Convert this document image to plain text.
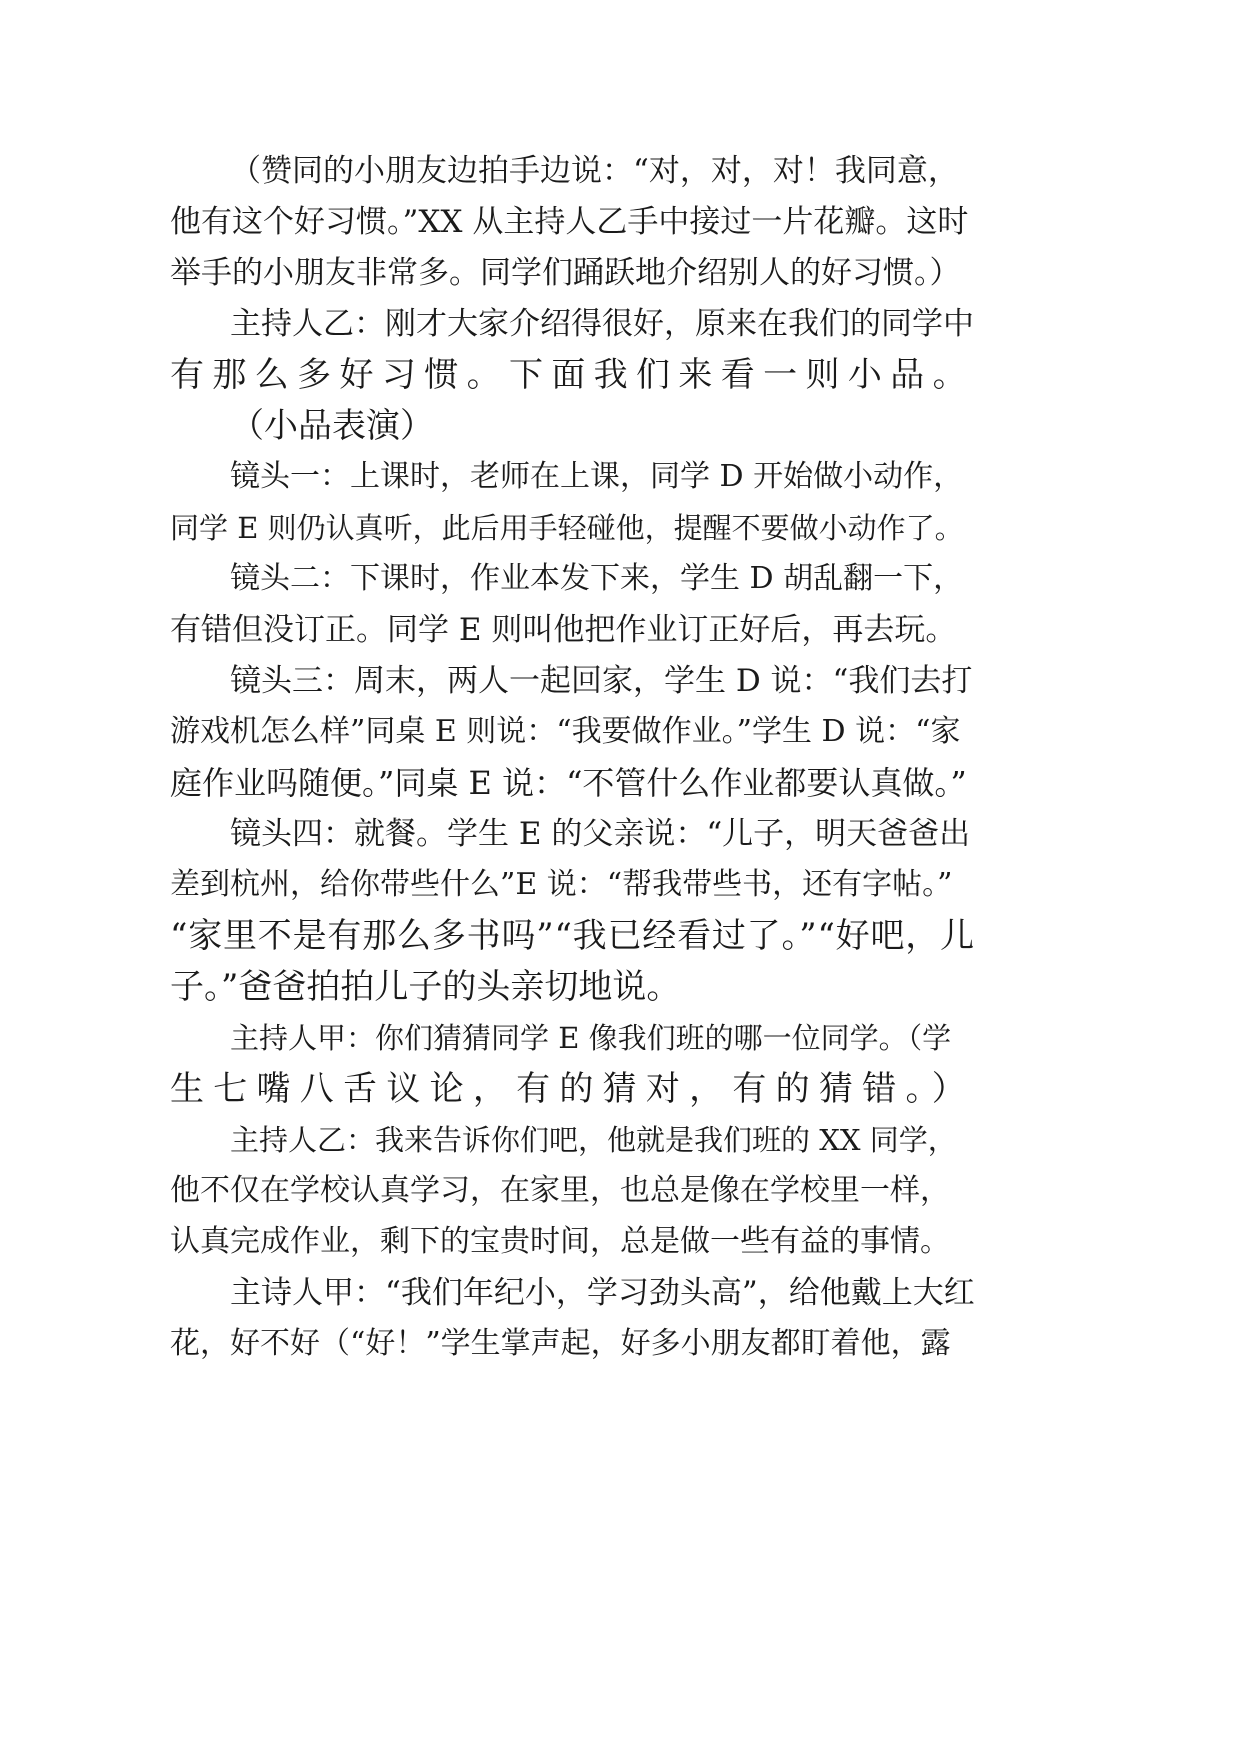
（赞同的小朋友边拍手边说：“对，对，对！我同意，

他有这个好习惯。”XX 从主持人乙手中接过一片花瓣。这时

举手的小朋友非常多。同学们踊跃地介绍别人的好习惯。）

主持人乙：刚才大家介绍得很好，原来在我们的同学中

有那么多好习惯。下面我们来看一则小品。

（小品表演）

镜头一：上课时，老师在上课，同学 D 开始做小动作，

同学 E 则仍认真听，此后用手轻碰他，提醒不要做小动作了。

镜头二：下课时，作业本发下来，学生 D 胡乱翻一下，

有错但没订正。同学 E 则叫他把作业订正好后，再去玩。

镜头三：周末，两人一起回家，学生 D 说：“我们去打

游戏机怎么样”同桌 E 则说：“我要做作业。”学生 D 说：“家

庭作业吗随便。”同桌 E 说：“不管什么作业都要认真做。”

镜头四：就餐。学生 E 的父亲说：“儿子，明天爸爸出

差到杭州，给你带些什么”E 说：“帮我带些书，还有字帖。”

“家里不是有那么多书吗”“我已经看过了。”“好吧，儿

子。”爸爸拍拍儿子的头亲切地说。

主持人甲：你们猜猜同学 E 像我们班的哪一位同学。（学

生七嘴八舌议论，有的猜对，有的猜错。）

主持人乙：我来告诉你们吧，他就是我们班的 XX 同学，

他不仅在学校认真学习，在家里，也总是像在学校里一样，

认真完成作业，剩下的宝贵时间，总是做一些有益的事情。

主诗人甲：“我们年纪小，学习劲头高”，给他戴上大红

花，好不好（“好！”学生掌声起，好多小朋友都盯着他，露
